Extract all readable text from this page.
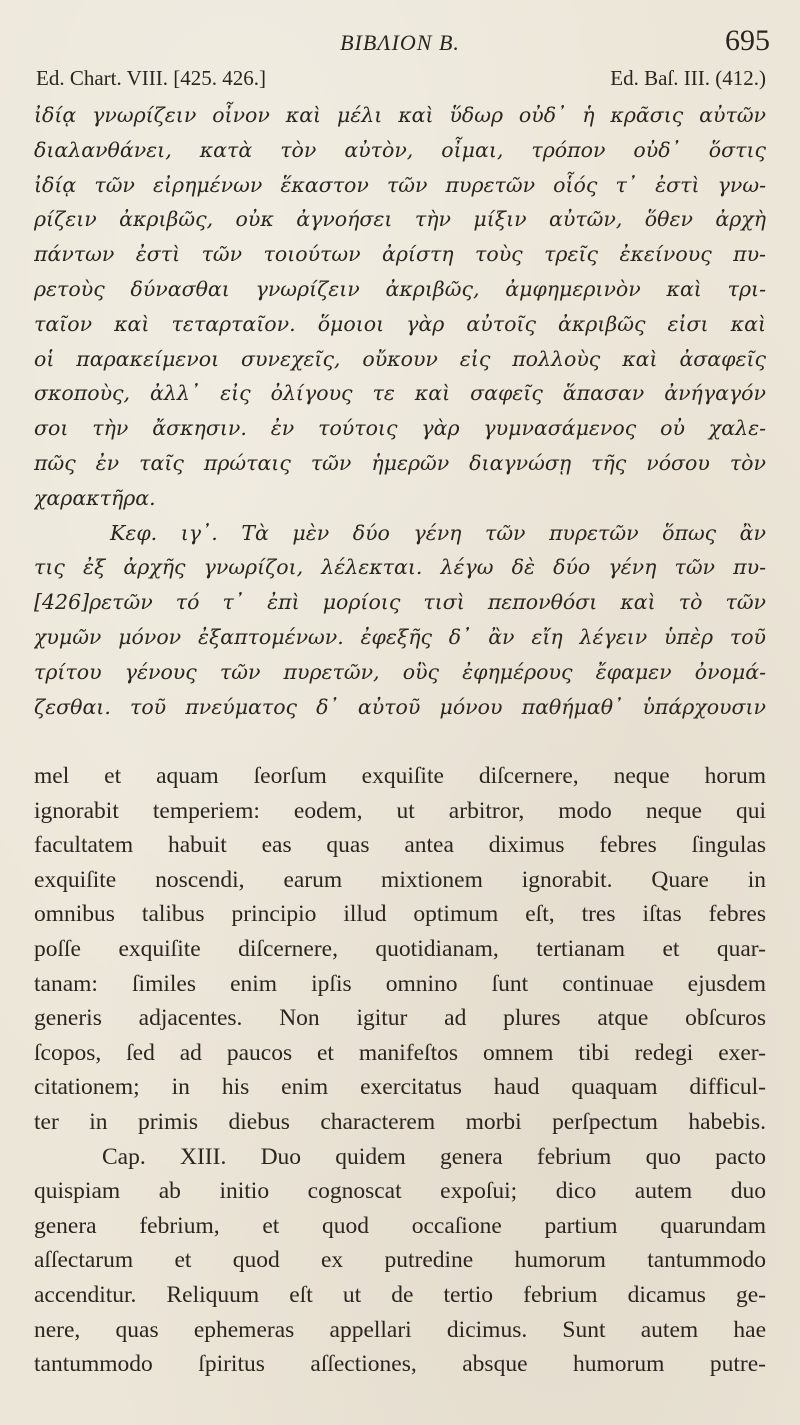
ΒΙΒΛΙΟΝ Β.	695
Ed. Chart. VIII. [425. 426.]	Ed. Baſ. III. (412.)
ἰδίᾳ γνωρίζειν οἶνον καὶ μέλι καὶ ὕδωρ οὐδ᾽ ἡ κρᾶσις αὐτῶν
διαλανθάνει, κατὰ τὸν αὐτὸν, οἶμαι, τρόπον οὐδ᾽ ὅστις
ἰδίᾳ τῶν εἰρημένων ἕκαστον τῶν πυρετῶν οἷός τ᾽ ἐστὶ γνω-
ρίζειν ἀκριβῶς, οὐκ ἀγνοήσει τὴν μίξιν αὐτῶν, ὅθεν ἀρχὴ
πάντων ἐστὶ τῶν τοιούτων ἀρίστη τοὺς τρεῖς ἐκείνους πυ-
ρετοὺς δύνασθαι γνωρίζειν ἀκριβῶς, ἀμφημερινὸν καὶ τρι-
ταῖον καὶ τεταρταῖον. ὅμοιοι γὰρ αὐτοῖς ἀκριβῶς εἰσι καὶ
οἱ παρακείμενοι συνεχεῖς, οὔκουν εἰς πολλοὺς καὶ ἀσαφεῖς
σκοποὺς, ἀλλ᾽ εἰς ὀλίγους τε καὶ σαφεῖς ἅπασαν ἀνήγαγόν
σοι τὴν ἄσκησιν. ἐν τούτοις γὰρ γυμνασάμενος οὐ χαλε-
πῶς ἐν ταῖς πρώταις τῶν ἡμερῶν διαγνώσῃ τῆς νόσου τὸν
χαρακτῆρα.
Κεφ. ιγ᾽. Τὰ μὲν δύο γένη τῶν πυρετῶν ὅπως ἂν
τις ἐξ ἀρχῆς γνωρίζοι, λέλεκται. λέγω δὲ δύο γένη τῶν πυ-
[426]ρετῶν τό τ᾽ ἐπὶ μορίοις τισὶ πεπονθόσι καὶ τὸ τῶν
χυμῶν μόνον ἐξαπτομένων. ἐφεξῆς δ᾽ ἂν εἴη λέγειν ὑπὲρ τοῦ
τρίτου γένους τῶν πυρετῶν, οὓς ἐφημέρους ἔφαμεν ὀνομά-
ζεσθαι. τοῦ πνεύματος δ᾽ αὐτοῦ μόνου παθήμαθ᾽ ὑπάρχουσιν
mel et aquam ſeorſum exquiſite diſcernere, neque horum
ignorabit temperiem: eodem, ut arbitror, modo neque qui
facultatem habuit eas quas antea diximus febres ſingulas
exquiſite noscendi, earum mixtionem ignorabit. Quare in
omnibus talibus principio illud optimum eſt, tres iſtas febres
poſſe exquiſite diſcernere, quotidianam, tertianam et quar-
tanam: ſimiles enim ipſis omnino ſunt continuae ejusdem
generis adjacentes. Non igitur ad plures atque obſcuros
ſcopos, ſed ad paucos et manifeſtos omnem tibi redegi exer-
citationem; in his enim exercitatus haud quaquam difficul-
ter in primis diebus characterem morbi perſpectum habebis.
Cap. XIII. Duo quidem genera febrium quo pacto
quispiam ab initio cognoscat expoſui; dico autem duo
genera febrium, et quod occaſione partium quarundam
aſſectarum et quod ex putredine humorum tantummodo
accenditur. Reliquum eſt ut de tertio febrium dicamus ge-
nere, quas ephemeras appellari dicimus. Sunt autem hae
tantummodo ſpiritus aſſectiones, absque humorum putre-
